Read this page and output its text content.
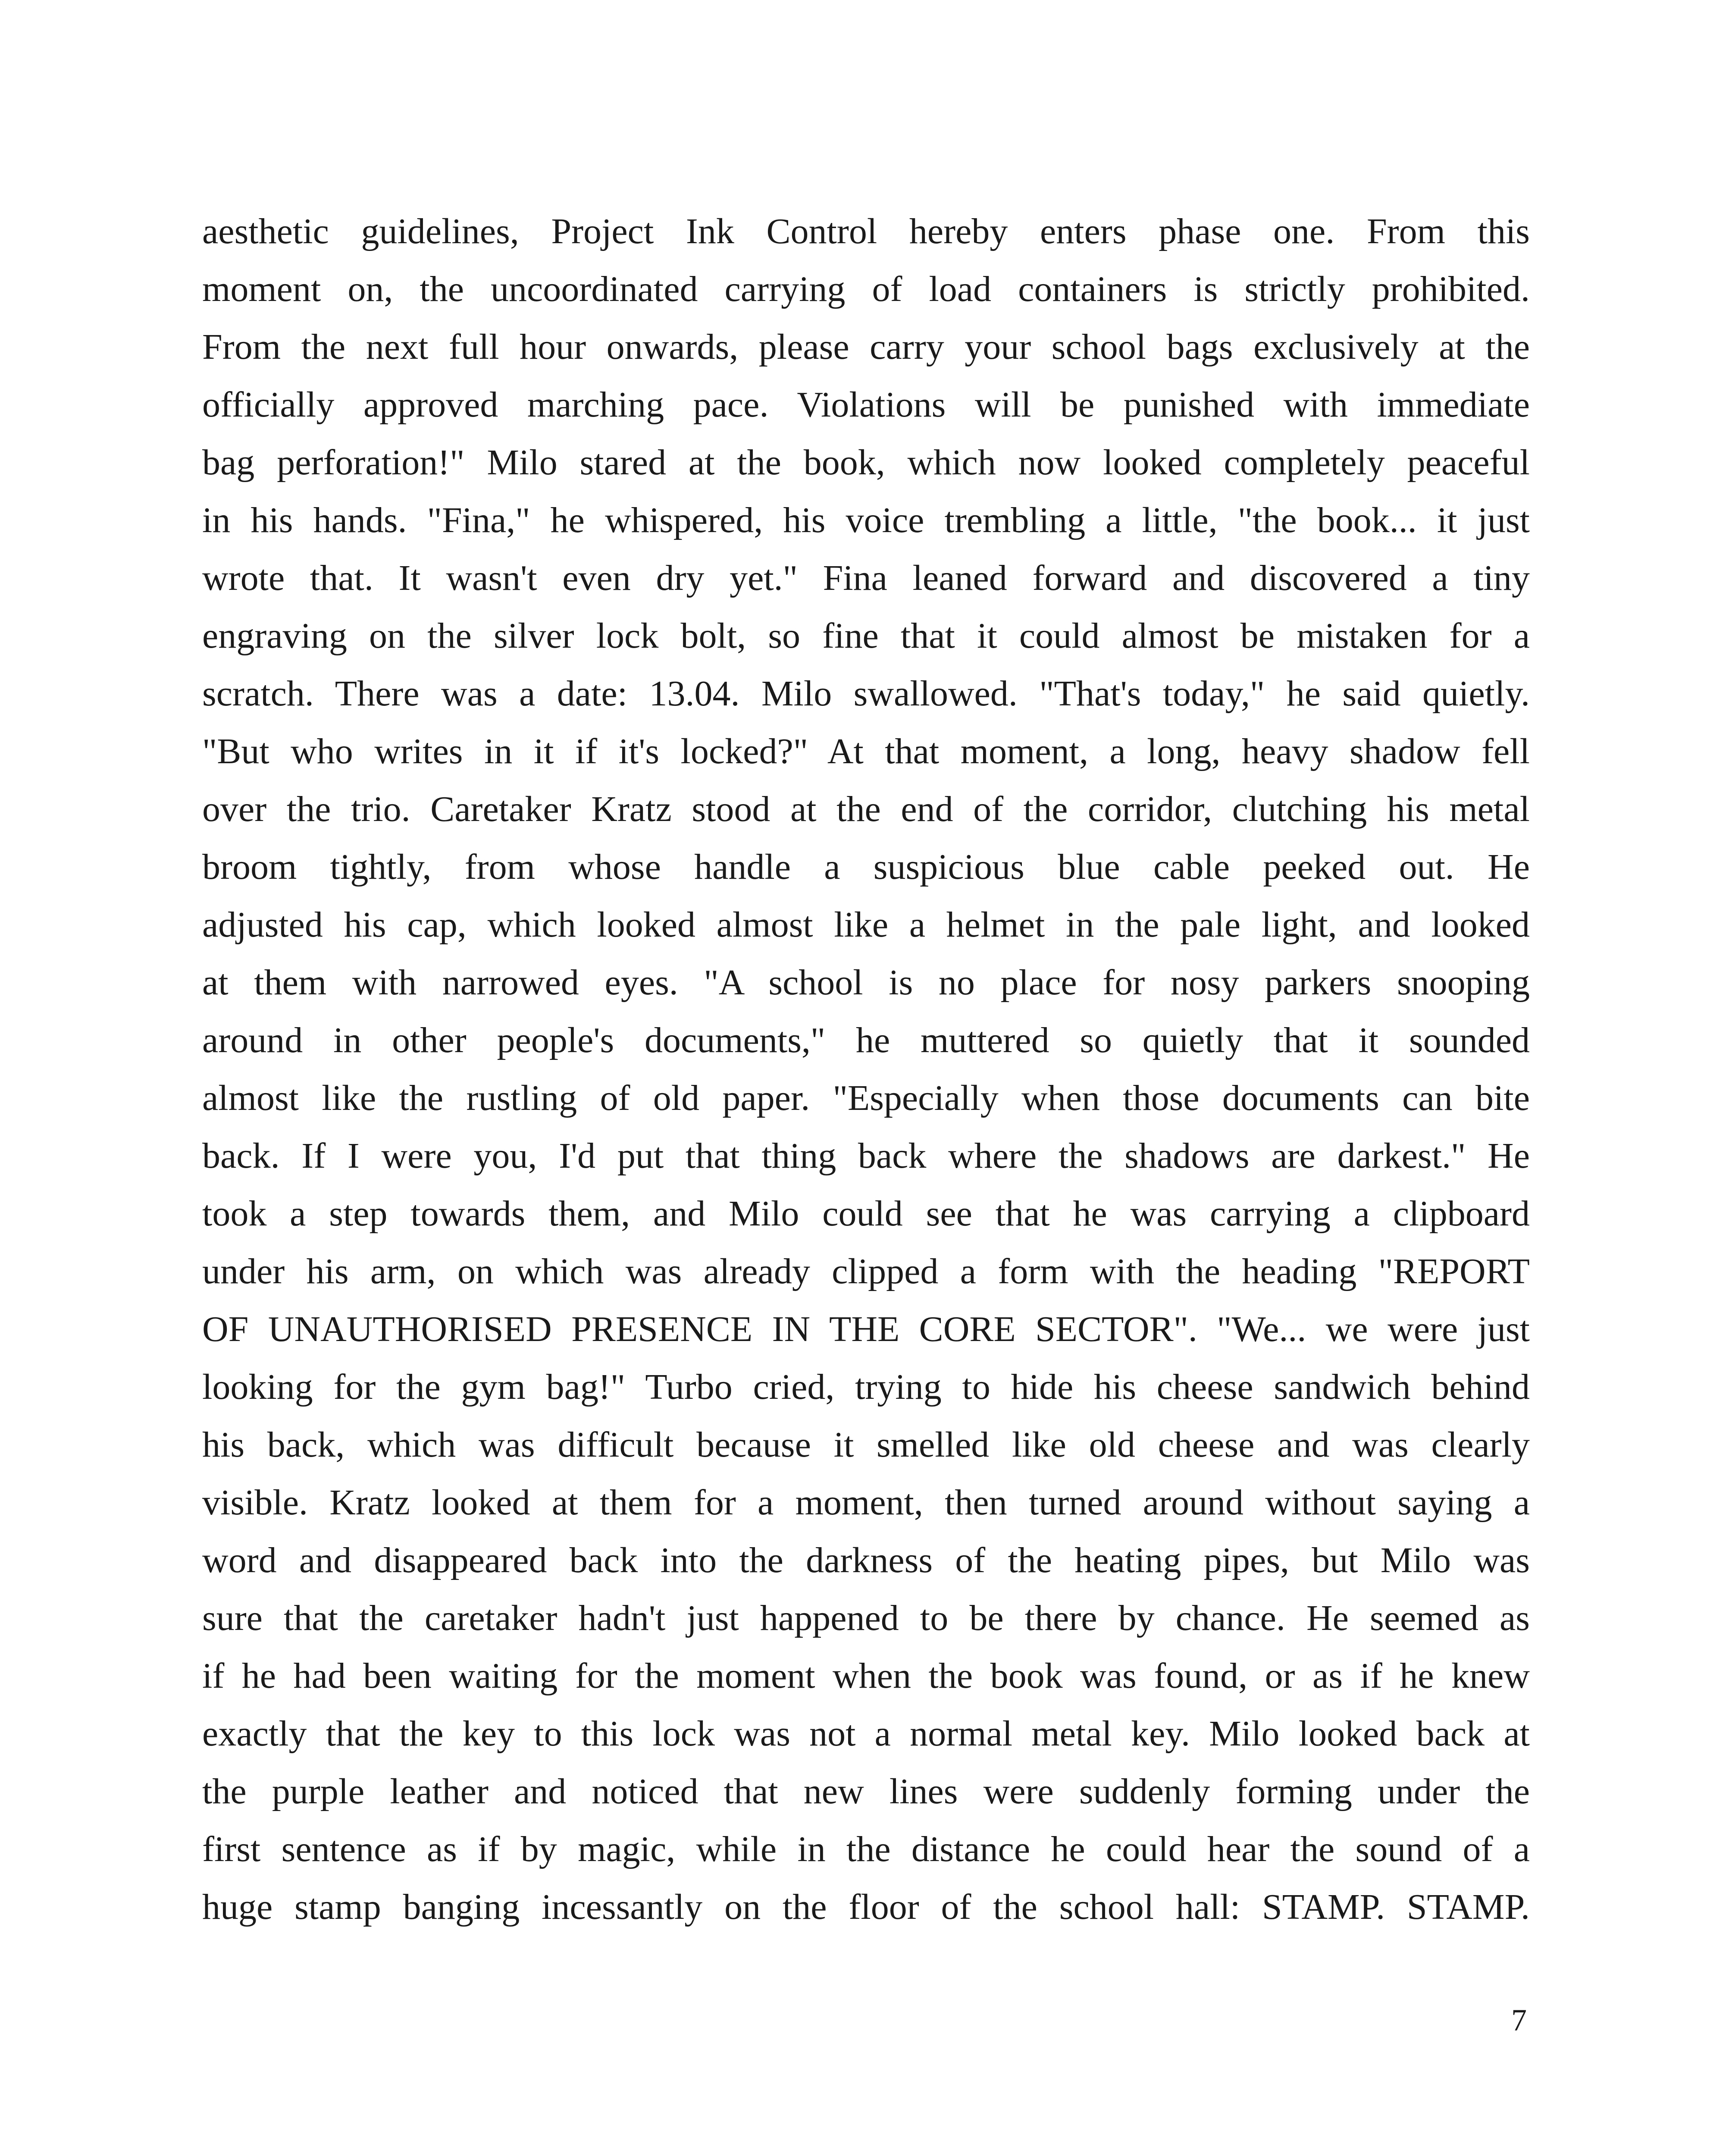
aesthetic guidelines, Project Ink Control hereby enters phase one. From this
moment on, the uncoordinated carrying of load containers is strictly prohibited.
From the next full hour onwards, please carry your school bags exclusively at the
officially approved marching pace. Violations will be punished with immediate
bag perforation!" Milo stared at the book, which now looked completely peaceful
in his hands. "Fina," he whispered, his voice trembling a little, "the book... it just
wrote that. It wasn't even dry yet." Fina leaned forward and discovered a tiny
engraving on the silver lock bolt, so fine that it could almost be mistaken for a
scratch. There was a date: 13.04. Milo swallowed. "That's today," he said quietly.
"But who writes in it if it's locked?" At that moment, a long, heavy shadow fell
over the trio. Caretaker Kratz stood at the end of the corridor, clutching his metal
broom tightly, from whose handle a suspicious blue cable peeked out. He
adjusted his cap, which looked almost like a helmet in the pale light, and looked
at them with narrowed eyes. "A school is no place for nosy parkers snooping
around in other people's documents," he muttered so quietly that it sounded
almost like the rustling of old paper. "Especially when those documents can bite
back. If I were you, I'd put that thing back where the shadows are darkest." He
took a step towards them, and Milo could see that he was carrying a clipboard
under his arm, on which was already clipped a form with the heading "REPORT
OF UNAUTHORISED PRESENCE IN THE CORE SECTOR". "We... we were just
looking for the gym bag!" Turbo cried, trying to hide his cheese sandwich behind
his back, which was difficult because it smelled like old cheese and was clearly
visible. Kratz looked at them for a moment, then turned around without saying a
word and disappeared back into the darkness of the heating pipes, but Milo was
sure that the caretaker hadn't just happened to be there by chance. He seemed as
if he had been waiting for the moment when the book was found, or as if he knew
exactly that the key to this lock was not a normal metal key. Milo looked back at
the purple leather and noticed that new lines were suddenly forming under the
first sentence as if by magic, while in the distance he could hear the sound of a
huge stamp banging incessantly on the floor of the school hall: STAMP. STAMP.
7
